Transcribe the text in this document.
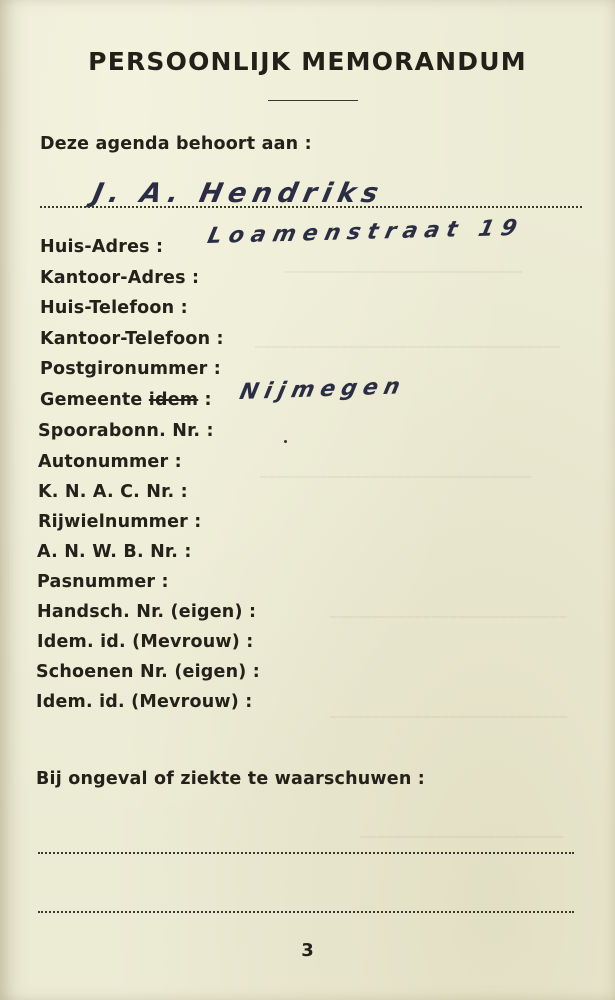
____________________________
____________________________________
________________________________
____________________________
____________________________
________________________
PERSOONLIJK MEMORANDUM
Deze agenda behoort aan :
J. A. Hendriks
Huis-Adres : Loamenstraat 19
Kantoor-Adres :
Huis-Telefoon :
Kantoor-Telefoon :
Postgironummer :
Gemeente idem : Nijmegen
Spoorabonn. Nr. :
Autonummer :
K. N. A. C. Nr. :
Rijwielnummer :
A. N. W. B. Nr. :
Pasnummer :
Handsch. Nr. (eigen) :
Idem. id. (Mevrouw) :
Schoenen Nr. (eigen) :
Idem. id. (Mevrouw) :
Bij ongeval of ziekte te waarschuwen :
3
